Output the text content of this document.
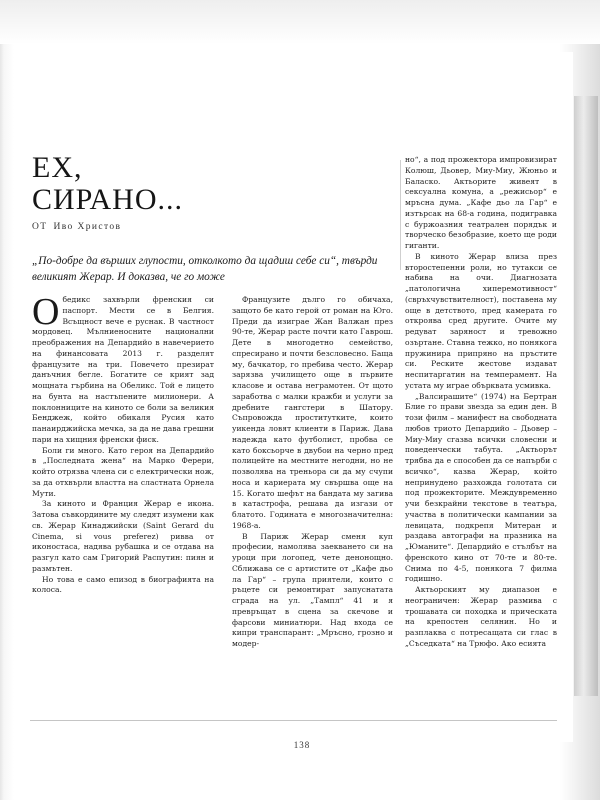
ЕХ,
СИРАНО...
ОТ Иво Христов
„По-добре да върших глупости, отколкото да щадиш себе си“, твърди великият Жерар. И доказва, че го може

Обедикс захвърли френския си паспорт. Мести се в Белгия. Всъщност вече е руснак. В частност мордовец. Мълниеносните национални преображения на Депардийо в навечерието на финансовата 2013 г. разделят французите на три. Повечето презират данъчния бегле. Богатите се крият зад мощната гърбина на Обеликс. Той е лицето на бунта на настъпените милионери. А поклонниците на кинотo се боли за великия Бенджеж, който обикаля Русия като панаирджийска мечка, за да не дава грешни пари на хищния френски фиск.

Боли ги много. Като героя на Депардийо в „Последната жена“ на Марко Ферери, който отрязва члена си с електрически нож, за да отхвърли властта на сластната Орнела Мути.

За киното и Франция Жерар е икона. Затова съвкордините му следят изумени как св. Жерар Кинаджийски (Saint Gerard du Cinema, si vous preferez) ривва от иконостаса, надява рубашка и се отдава на разгул като сам Григорий Распутин: пиян и размътен.

Но това е само епизод в биографията на колоса.

Французите дълго го обичаха, защото бе като герой от роман на Юго. Преди да изиграе Жан Валжан през 90-те, Жерар расте почти като Гаврош. Дете в многодетно семейство, спресирано и почти безсловесно. Баща му, бачкатор, го пребива често. Жерар зарязва училището още в първите класове и остава неграмотен. От щото заработва с малки кражби и услуги за дребните гангстери в Шатору. Съпровожда проститутките, които уикенда ловят клиенти в Париж. Дава надежда като футболист, пробва се като боксьорче в двубои на черно пред полицейте на местните негодни, но не позволява на треньора си да му счупи носа и кариерата му свършва още на 15. Когато шефът на бандата му загива в катастрофа, решава да изгази от блатото. Годината е многозначителна: 1968-а.

В Париж Жерар сменя куп професии, намолява заекването си на уроци при логопед, чете денонощно. Сближава се с артистите от „Кафе дьо ла Гар“ – група приятели, които с ръцете си ремонтират запуснатата сграда на ул. „Тампл“ 41 и я превръщат в сцена за скечове и фарсови миниатюри. Над входа се кипри транспарант: „Мръсно, грозно и модер-

но“, а под прожектора импровизират Колюш, Дьовер, Миу-Миу, Жюньо и Баласко. Актьорите живеят в сексуална комуна, а „режисьор“ е мръсна дума. „Кафе дьо ла Гар“ е изтърсак на 68-а година, подигравка с буржоазния театрален порядък и творческо безобразие, което ще роди гиганти.

В киното Жерар влиза през второстепенни роли, но тутакси се набива на очи. Диагнозата „патологична хиперемотивност“ (свръхчувствителност), поставена му още в детството, пред камерата го откроява сред другите. Очите му редуват заряност и тревожно озъртане. Ставна тежко, но понякога пружинира припряно на пръстите си. Рескитe жестове издават неспитаргатин на темперамент. На устата му играе обърквата усмивка.

„Валсирашите“ (1974) на Бертран Блие го прави звезда за един ден. В този филм – манифест на свободната любов триото Депардийо – Дьовер – Миу-Миу сгазва всички словесни и поведенчески табута. „Актьорът трябва да е способен да се напърби с всичко“, казва Жерар, който непринудено разхожда голотата си под прожекторите. Междувременно учи безкрайни текстове в театъра, участва в политически кампании за левицата, подкрепя Митеран и раздава автографи на празника на „Юманите“. Депардийо е стълбът на френското кино от 70-те и 80-те. Снима по 4-5, понякога 7 филма годишно.

Актьорският му диапазон е неограничен: Жерар размива с трошавата си походка и прическата на крепостен селянин. Но и разплаква с потресащата си глас в „Съседката“ на Трюфо. Ако есията

138
